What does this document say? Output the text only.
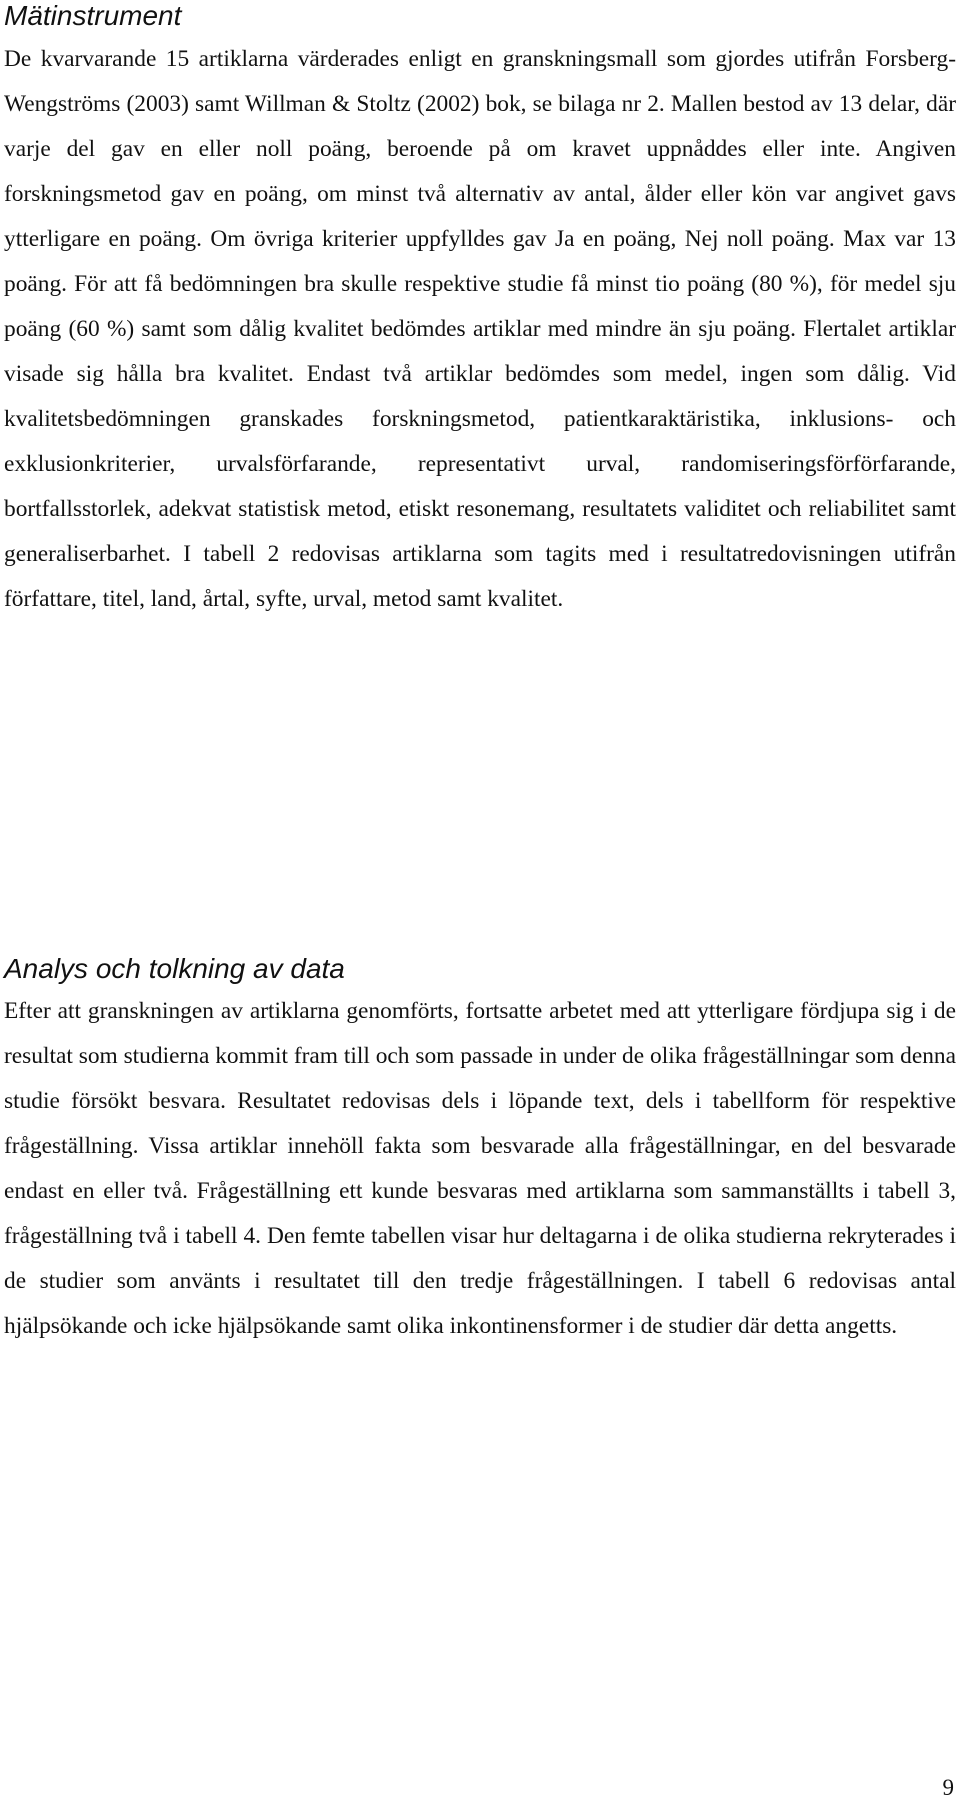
Mätinstrument

De kvarvarande 15 artiklarna värderades enligt en granskningsmall som gjordes utifrån Forsberg-Wengströms (2003) samt Willman & Stoltz (2002) bok, se bilaga nr 2. Mallen bestod av 13 delar, där varje del gav en eller noll poäng, beroende på om kravet uppnåddes eller inte. Angiven forskningsmetod gav en poäng, om minst två alternativ av antal, ålder eller kön var angivet gavs ytterligare en poäng. Om övriga kriterier uppfylldes gav Ja en poäng, Nej noll poäng. Max var 13 poäng. För att få bedömningen bra skulle respektive studie få minst tio poäng (80 %), för medel sju poäng (60 %) samt som dålig kvalitet bedömdes artiklar med mindre än sju poäng. Flertalet artiklar visade sig hålla bra kvalitet. Endast två artiklar bedömdes som medel, ingen som dålig. Vid kvalitetsbedömningen granskades forskningsmetod, patientkaraktäristika, inklusions- och exklusionkriterier, urvalsförfarande, representativt urval, randomiseringsförförfarande, bortfallsstorlek, adekvat statistisk metod, etiskt resonemang, resultatets validitet och reliabilitet samt generaliserbarhet. I tabell 2 redovisas artiklarna som tagits med i resultatredovisningen utifrån författare, titel, land, årtal, syfte, urval, metod samt kvalitet.

Analys och tolkning av data

Efter att granskningen av artiklarna genomförts, fortsatte arbetet med att ytterligare fördjupa sig i de resultat som studierna kommit fram till och som passade in under de olika frågeställningar som denna studie försökt besvara. Resultatet redovisas dels i löpande text, dels i tabellform för respektive frågeställning. Vissa artiklar innehöll fakta som besvarade alla frågeställningar, en del besvarade endast en eller två. Frågeställning ett kunde besvaras med artiklarna som sammanställts i tabell 3, frågeställning två i tabell 4. Den femte tabellen visar hur deltagarna i de olika studierna rekryterades i de studier som använts i resultatet till den tredje frågeställningen. I tabell 6 redovisas antal hjälpsökande och icke hjälpsökande samt olika inkontinensformer i de studier där detta angetts.

9
